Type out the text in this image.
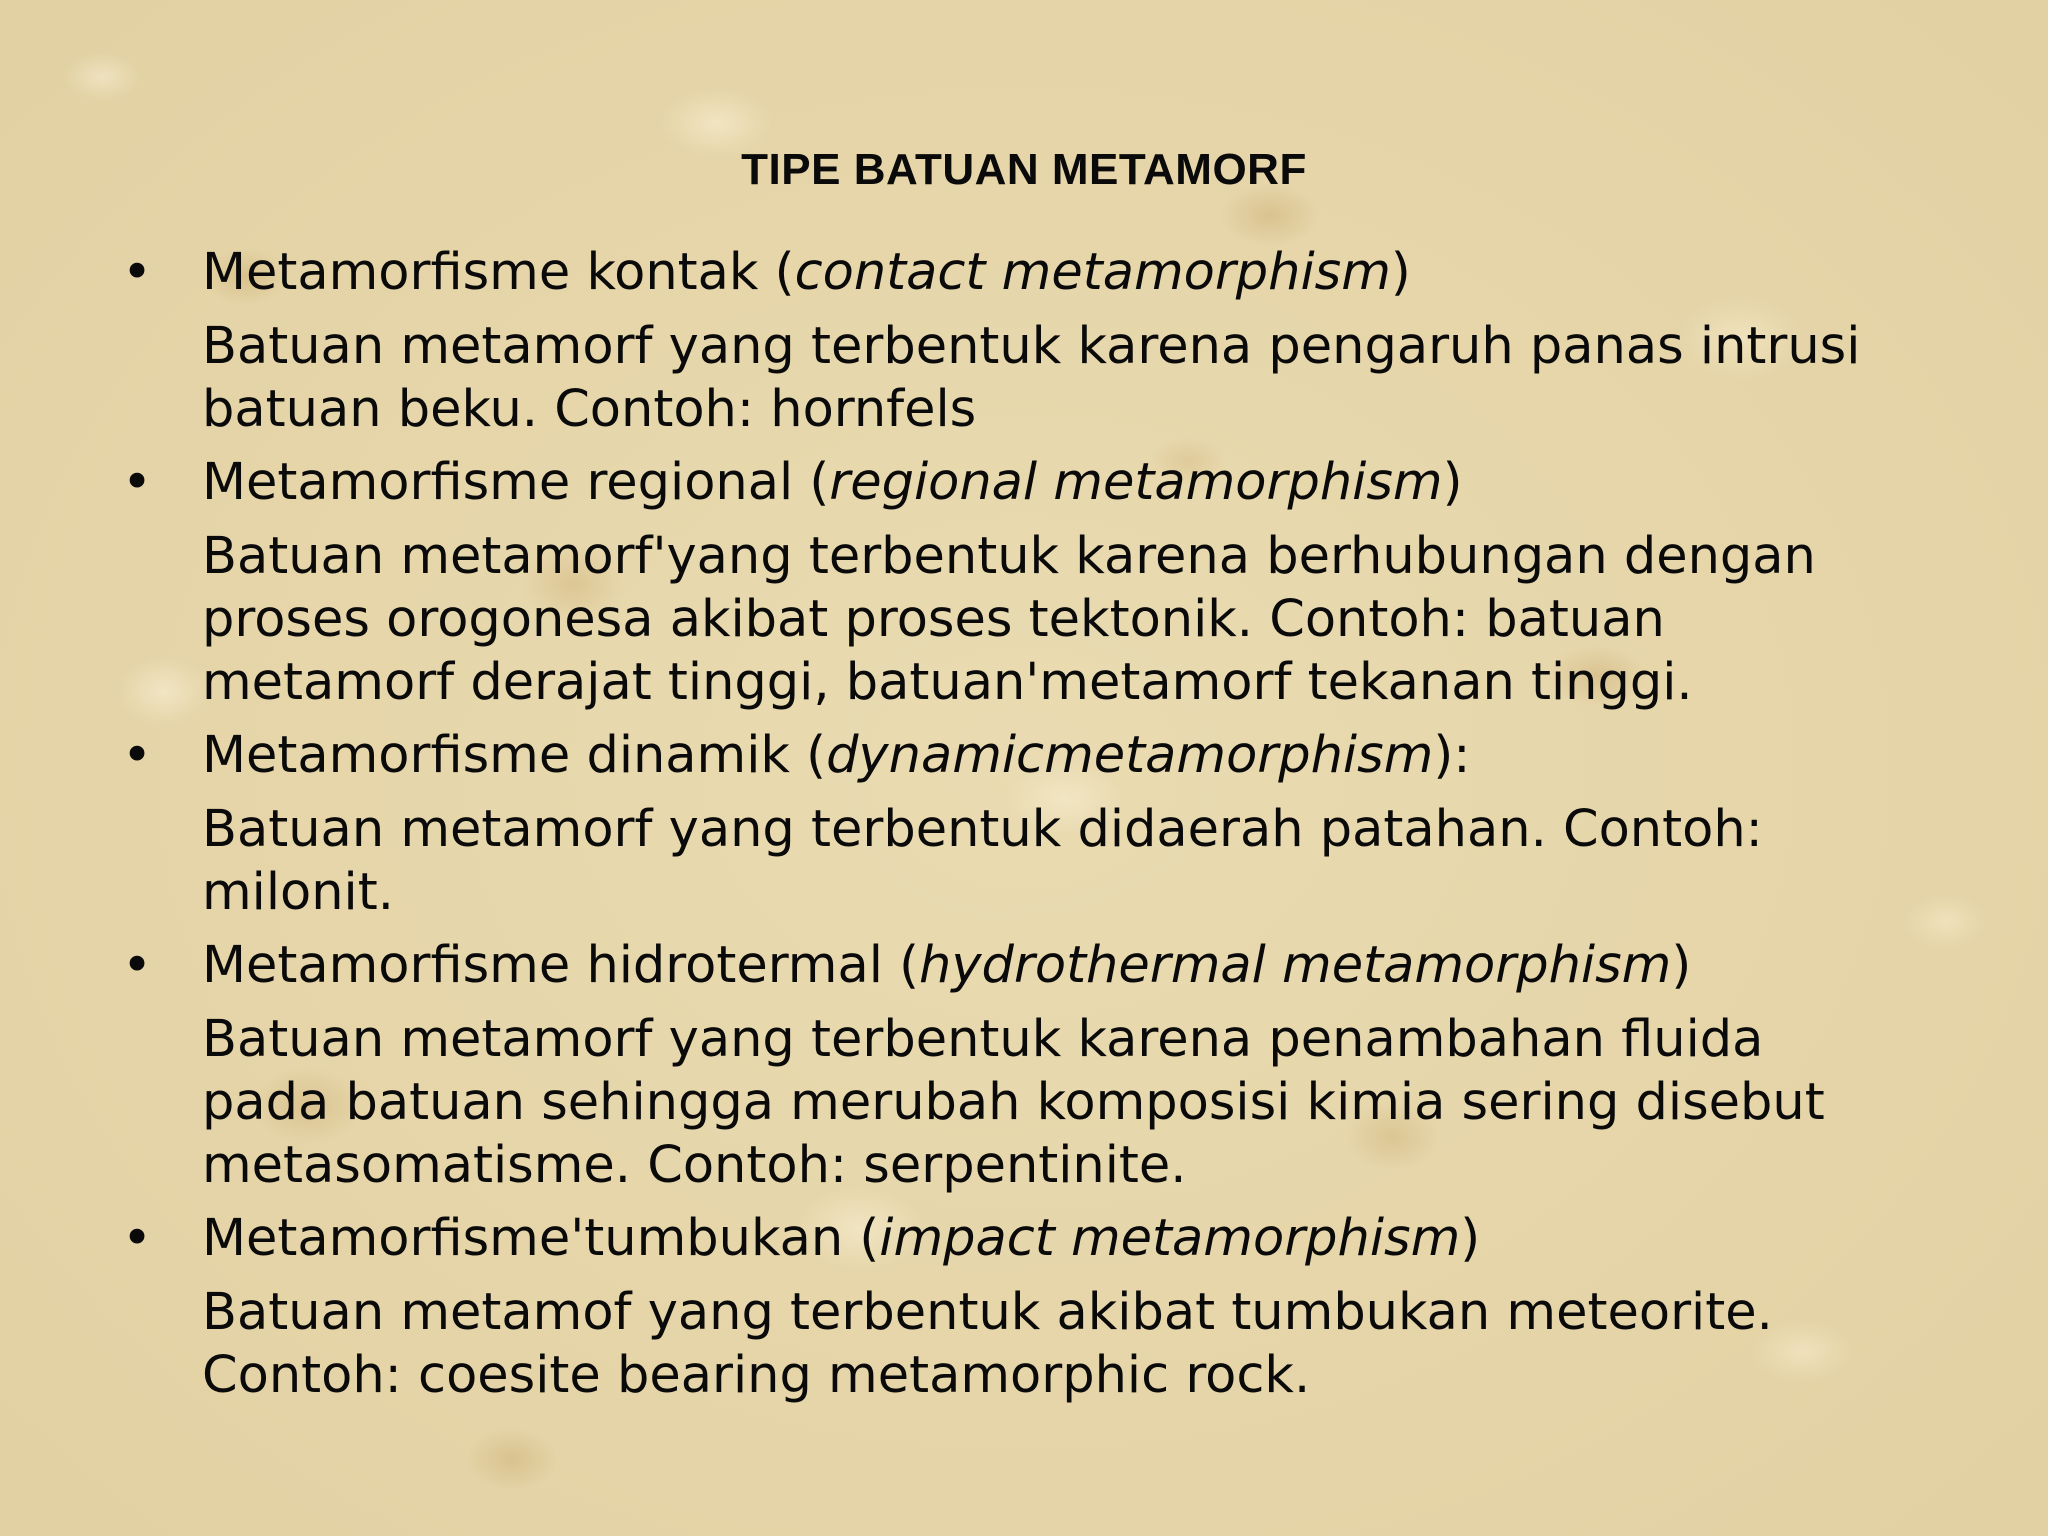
TIPE BATUAN METAMORF
• Metamorfisme kontak (contact metamorphism)
Batuan metamorf yang terbentuk karena pengaruh panas intrusi
batuan beku. Contoh: hornfels
• Metamorfisme regional (regional metamorphism)
Batuan metamorf'yang terbentuk karena berhubungan dengan
proses orogonesa akibat proses tektonik. Contoh: batuan
metamorf derajat tinggi, batuan'metamorf tekanan tinggi.
• Metamorfisme dinamik (dynamicmetamorphism):
Batuan metamorf yang terbentuk didaerah patahan. Contoh:
milonit.
• Metamorfisme hidrotermal (hydrothermal metamorphism)
Batuan metamorf yang terbentuk karena penambahan fluida
pada batuan sehingga merubah komposisi kimia sering disebut
metasomatisme. Contoh: serpentinite.
• Metamorfisme'tumbukan (impact metamorphism)
Batuan metamof yang terbentuk akibat tumbukan meteorite.
Contoh: coesite bearing metamorphic rock.
